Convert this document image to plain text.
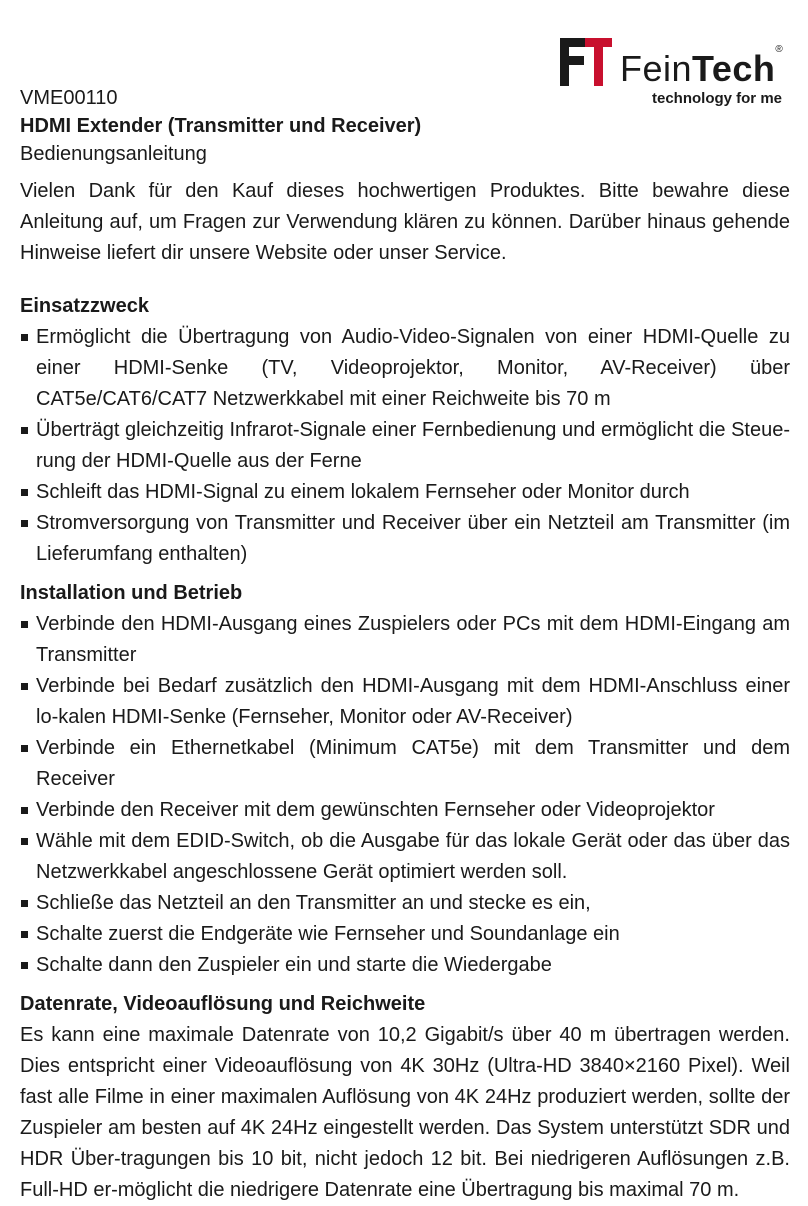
FeinTech®
technology for me
VME00110
HDMI Extender (Transmitter und Receiver)
Bedienungsanleitung

Vielen Dank für den Kauf dieses hochwertigen Produktes. Bitte bewahre diese Anleitung auf, um Fragen zur Verwendung klären zu können. Darüber hinaus gehende Hinweise liefert dir unsere Website oder unser Service.

Einsatzzweck
Ermöglicht die Übertragung von Audio-Video-Signalen von einer HDMI-Quelle zu einer HDMI-Senke (TV, Videoprojektor, Monitor, AV-Receiver) über CAT5e/CAT6/CAT7 Netzwerkkabel mit einer Reichweite bis 70 m
Überträgt gleichzeitig Infrarot-Signale einer Fernbedienung und ermöglicht die Steue-rung der HDMI-Quelle aus der Ferne
Schleift das HDMI-Signal zu einem lokalem Fernseher oder Monitor durch
Stromversorgung von Transmitter und Receiver über ein Netzteil am Transmitter (im Lieferumfang enthalten)
Installation und Betrieb
Verbinde den HDMI-Ausgang eines Zuspielers oder PCs mit dem HDMI-Eingang am Transmitter
Verbinde bei Bedarf zusätzlich den HDMI-Ausgang mit dem HDMI-Anschluss einer lo-kalen HDMI-Senke (Fernseher, Monitor oder AV-Receiver)
Verbinde ein Ethernetkabel (Minimum CAT5e) mit dem Transmitter und dem Receiver
Verbinde den Receiver mit dem gewünschten Fernseher oder Videoprojektor
Wähle mit dem EDID-Switch, ob die Ausgabe für das lokale Gerät oder das über das Netzwerkkabel angeschlossene Gerät optimiert werden soll.
Schließe das Netzteil an den Transmitter an und stecke es ein,
Schalte zuerst die Endgeräte wie Fernseher und Soundanlage ein
Schalte dann den Zuspieler ein und starte die Wiedergabe
Datenrate, Videoauflösung und Reichweite

Es kann eine maximale Datenrate von 10,2 Gigabit/s über 40 m übertragen werden. Dies entspricht einer Videoauflösung von 4K 30Hz (Ultra-HD 3840×2160 Pixel). Weil fast alle Filme in einer maximalen Auflösung von 4K 24Hz produziert werden, sollte der Zuspieler am besten auf 4K 24Hz eingestellt werden. Das System unterstützt SDR und HDR Über-tragungen bis 10 bit, nicht jedoch 12 bit. Bei niedrigeren Auflösungen z.B. Full-HD er-möglicht die niedrigere Datenrate eine Übertragung bis maximal 70 m.
